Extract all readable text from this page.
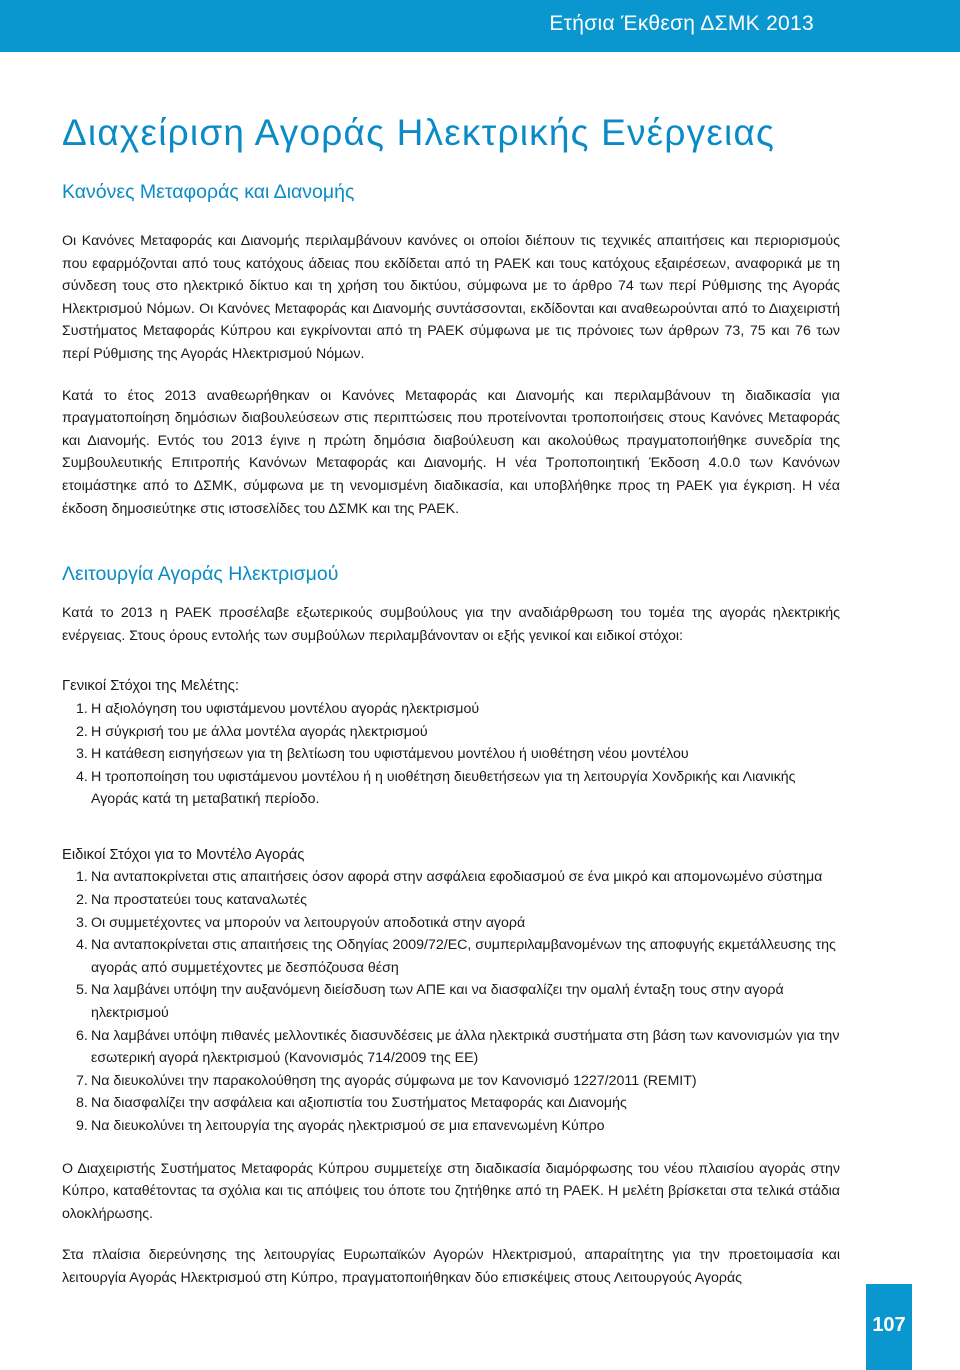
Ετήσια Έκθεση ΔΣΜΚ 2013
Διαχείριση Αγοράς Ηλεκτρικής Ενέργειας
Κανόνες Μεταφοράς και Διανομής

Οι Κανόνες Μεταφοράς και Διανομής περιλαμβάνουν κανόνες οι οποίοι διέπουν τις τεχνικές απαιτήσεις και περιορισμούς που εφαρμόζονται από τους κατόχους άδειας που εκδίδεται από τη ΡΑΕΚ και τους κατόχους εξαιρέσεων, αναφορικά με τη σύνδεση τους στο ηλεκτρικό δίκτυο και τη χρήση του δικτύου, σύμφωνα με το άρθρο 74 των περί Ρύθμισης της Αγοράς Ηλεκτρισμού Νόμων. Οι Κανόνες Μεταφοράς και Διανομής συντάσσονται, εκδίδονται και αναθεωρούνται από το Διαχειριστή Συστήματος Μεταφοράς Κύπρου και εγκρίνονται από τη ΡΑΕΚ σύμφωνα με τις πρόνοιες των άρθρων 73, 75 και 76 των περί Ρύθμισης της Αγοράς Ηλεκτρισμού Νόμων.

Κατά το έτος 2013 αναθεωρήθηκαν οι Κανόνες Μεταφοράς και Διανομής και περιλαμβάνουν τη διαδικασία για πραγματοποίηση δημόσιων διαβουλεύσεων στις περιπτώσεις που προτείνονται τροποποιήσεις στους Κανόνες Μεταφοράς και Διανομής. Εντός του 2013 έγινε η πρώτη δημόσια διαβούλευση και ακολούθως πραγματοποιήθηκε συνεδρία της Συμβουλευτικής Επιτροπής Κανόνων Μεταφοράς και Διανομής. Η νέα Τροποποιητική Έκδοση 4.0.0 των Κανόνων ετοιμάστηκε από το ΔΣΜΚ, σύμφωνα με τη νενομισμένη διαδικασία, και υποβλήθηκε προς τη ΡΑΕΚ για έγκριση. Η νέα έκδοση δημοσιεύτηκε στις ιστοσελίδες του ΔΣΜΚ και της ΡΑΕΚ.

Λειτουργία Αγοράς Ηλεκτρισμού

Κατά το 2013 η ΡΑΕΚ προσέλαβε εξωτερικούς συμβούλους για την αναδιάρθρωση του τομέα της αγοράς ηλεκτρικής ενέργειας. Στους όρους εντολής των συμβούλων περιλαμβάνονταν οι εξής γενικοί και ειδικοί στόχοι:

Γενικοί Στόχοι της Μελέτης:
1. Η αξιολόγηση του υφιστάμενου μοντέλου αγοράς ηλεκτρισμού
2. Η σύγκρισή του με άλλα μοντέλα αγοράς ηλεκτρισμού
3. Η κατάθεση εισηγήσεων για τη βελτίωση του υφιστάμενου μοντέλου ή υιοθέτηση νέου μοντέλου
4. Η τροποποίηση του υφιστάμενου μοντέλου ή η υιοθέτηση διευθετήσεων για τη λειτουργία Χονδρικής και Λιανικής Αγοράς κατά τη μεταβατική περίοδο.
Ειδικοί Στόχοι για το Μοντέλο Αγοράς
1. Να ανταποκρίνεται στις απαιτήσεις όσον αφορά στην ασφάλεια εφοδιασμού σε ένα μικρό και απομονωμένο σύστημα
2. Να προστατεύει τους καταναλωτές
3. Οι συμμετέχοντες να μπορούν να λειτουργούν αποδοτικά στην αγορά
4. Να ανταποκρίνεται στις απαιτήσεις της Οδηγίας 2009/72/EC, συμπεριλαμβανομένων της αποφυγής εκμετάλλευσης της αγοράς από συμμετέχοντες με δεσπόζουσα θέση
5. Να λαμβάνει υπόψη την αυξανόμενη διείσδυση των ΑΠΕ και να διασφαλίζει την ομαλή ένταξη τους στην αγορά ηλεκτρισμού
6. Να λαμβάνει υπόψη πιθανές μελλοντικές διασυνδέσεις με άλλα ηλεκτρικά συστήματα στη βάση των κανονισμών για την εσωτερική αγορά ηλεκτρισμού (Κανονισμός 714/2009 της ΕΕ)
7. Να διευκολύνει την παρακολούθηση της αγοράς σύμφωνα με τον Κανονισμό 1227/2011 (REMIT)
8. Να διασφαλίζει την ασφάλεια και αξιοπιστία του Συστήματος Μεταφοράς και Διανομής
9. Να διευκολύνει τη λειτουργία της αγοράς ηλεκτρισμού σε μια επανενωμένη Κύπρο

Ο Διαχειριστής Συστήματος Μεταφοράς Κύπρου συμμετείχε στη διαδικασία διαμόρφωσης του νέου πλαισίου αγοράς στην Κύπρο, καταθέτοντας τα σχόλια και τις απόψεις του όποτε του ζητήθηκε από τη ΡΑΕΚ. Η μελέτη βρίσκεται στα τελικά στάδια ολοκλήρωσης.

Στα πλαίσια διερεύνησης της λειτουργίας Ευρωπαϊκών Αγορών Ηλεκτρισμού, απαραίτητης για την προετοιμασία και λειτουργία Αγοράς Ηλεκτρισμού στη Κύπρο, πραγματοποιήθηκαν δύο επισκέψεις στους Λειτουργούς Αγοράς

107
